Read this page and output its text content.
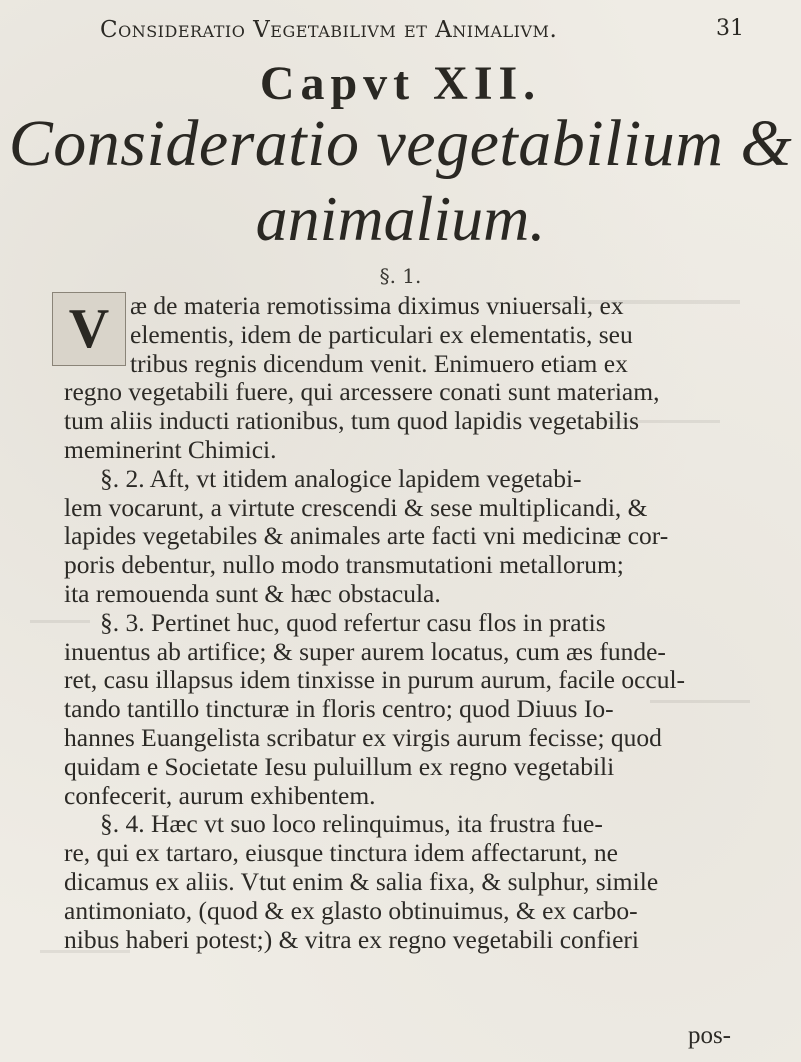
Consideratio Vegetabilivm et Animalivm.	31
Capvt XII.
Consideratio vegetabilium &
animalium.
§. 1.
V æ de materia remotissima diximus vniuersali, ex
elementis, idem de particulari ex elementatis, seu
tribus regnis dicendum venit. Enimuero etiam ex
regno vegetabili fuere, qui arcessere conati sunt materiam,
tum aliis inducti rationibus, tum quod lapidis vegetabilis
meminerint Chimici.
§. 2. Aft, vt itidem analogice lapidem vegetabi-
lem vocarunt, a virtute crescendi & sese multiplicandi, &
lapides vegetabiles & animales arte facti vni medicinæ cor-
poris debentur, nullo modo transmutationi metallorum;
ita remouenda sunt & hæc obstacula.
§. 3. Pertinet huc, quod refertur casu flos in pratis
inuentus ab artifice; & super aurem locatus, cum æs funde-
ret, casu illapsus idem tinxisse in purum aurum, facile occul-
tando tantillo tincturæ in floris centro; quod Diuus Io-
hannes Euangelista scribatur ex virgis aurum fecisse; quod
quidam e Societate Iesu puluillum ex regno vegetabili
confecerit, aurum exhibentem.
§. 4. Hæc vt suo loco relinquimus, ita frustra fue-
re, qui ex tartaro, eiusque tinctura idem affectarunt, ne
dicamus ex aliis. Vtut enim & salia fixa, & sulphur, simile
antimoniato, (quod & ex glasto obtinuimus, & ex carbo-
nibus haberi potest;) & vitra ex regno vegetabili confieri
pos-
